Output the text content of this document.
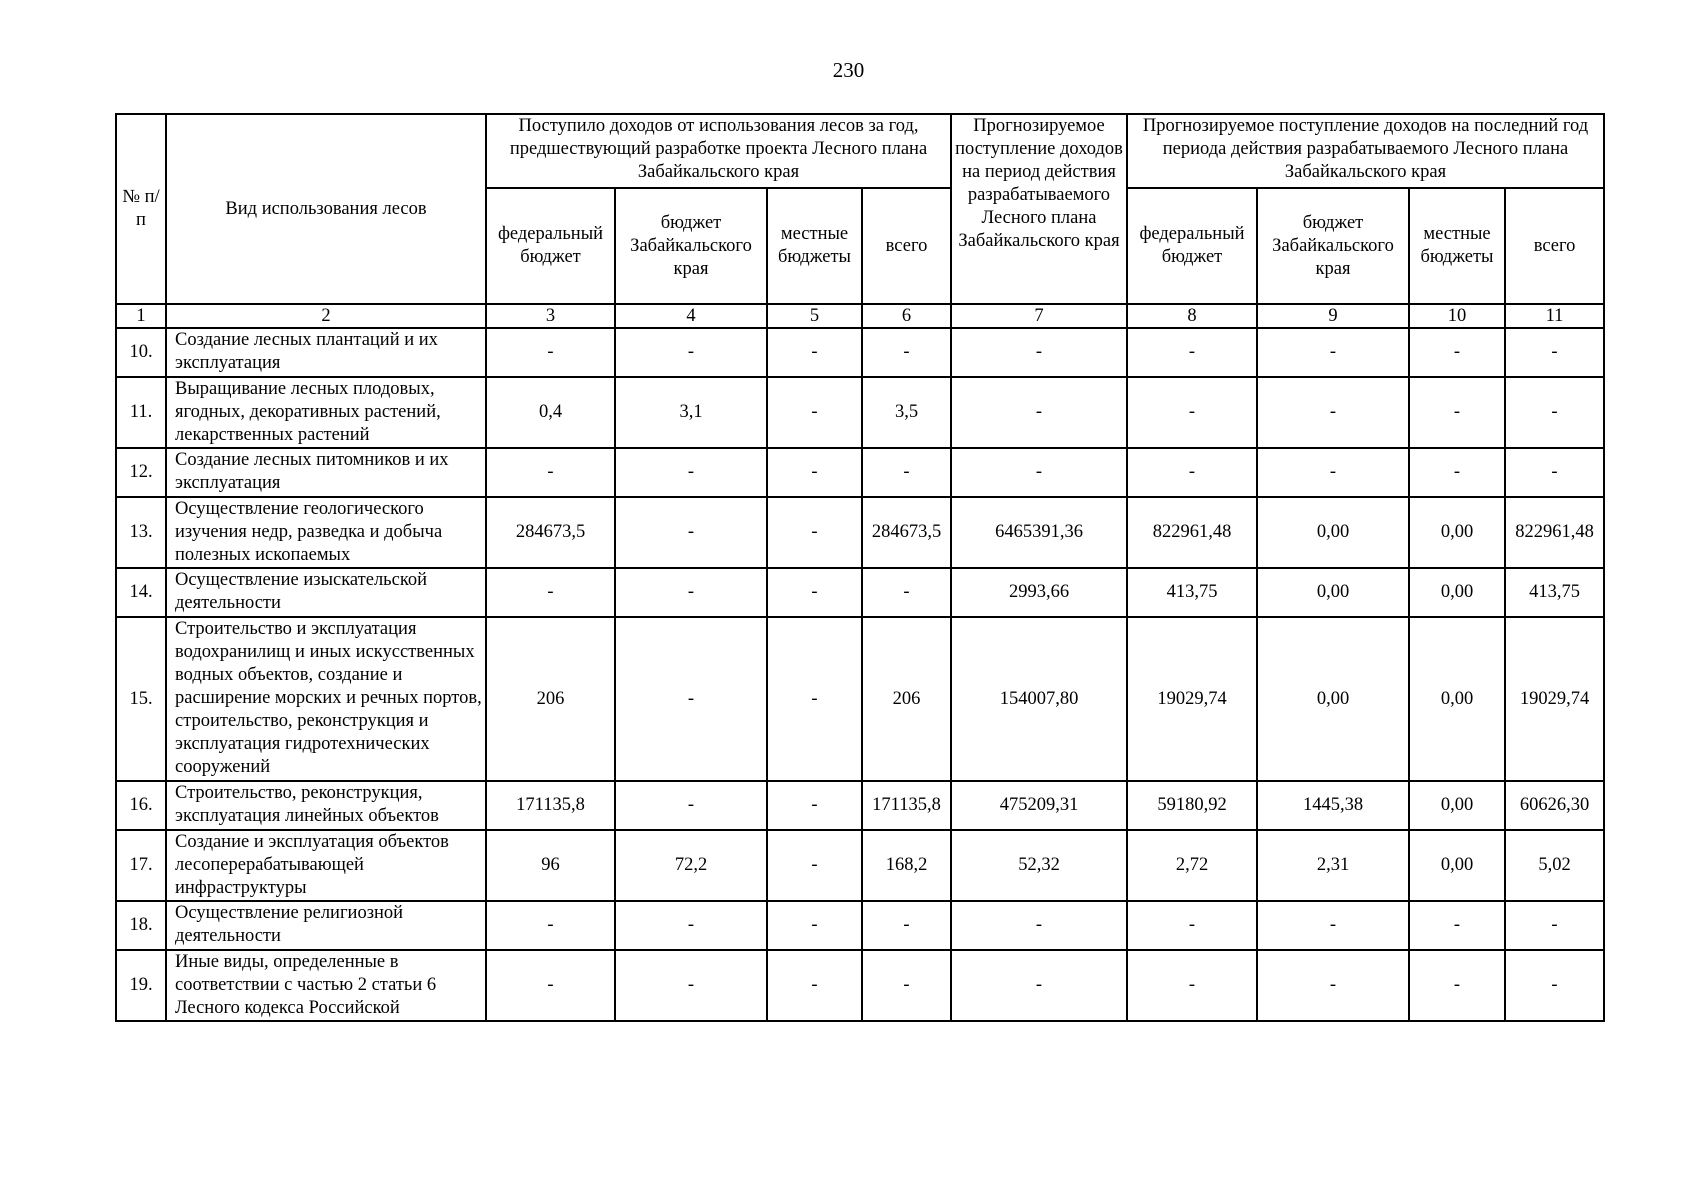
230
№ п/п	Вид использования лесов	Поступило доходов от использования лесов за год, предшествующий разработке проекта Лесного плана Забайкальского края				Прогнозируемое поступление доходов на период действия разрабатываемого Лесного плана Забайкальского края	Прогнозируемое поступление доходов на последний год периода действия разрабатываемого Лесного плана Забайкальского края			
		федеральный бюджет	бюджет Забайкальского края	местные бюджеты	всего		федеральный бюджет	бюджет Забайкальского края	местные бюджеты	всего
1	2	3	4	5	6	7	8	9	10	11
10.	Создание лесных плантаций и их эксплуатация	-	-	-	-	-	-	-	-	-
11.	Выращивание лесных плодовых, ягодных, декоративных растений, лекарственных растений	0,4	3,1	-	3,5	-	-	-	-	-
12.	Создание лесных питомников и их эксплуатация	-	-	-	-	-	-	-	-	-
13.	Осуществление геологического изучения недр, разведка и добыча полезных ископаемых	284673,5	-	-	284673,5	6465391,36	822961,48	0,00	0,00	822961,48
14.	Осуществление изыскательской деятельности	-	-	-	-	2993,66	413,75	0,00	0,00	413,75
15.	Строительство и эксплуатация водохранилищ и иных искусственных водных объектов, создание и расширение морских и речных портов, строительство, реконструкция и эксплуатация гидротехнических сооружений	206	-	-	206	154007,80	19029,74	0,00	0,00	19029,74
16.	Строительство, реконструкция, эксплуатация линейных объектов	171135,8	-	-	171135,8	475209,31	59180,92	1445,38	0,00	60626,30
17.	Создание и эксплуатация объектов лесоперерабатывающей инфраструктуры	96	72,2	-	168,2	52,32	2,72	2,31	0,00	5,02
18.	Осуществление религиозной деятельности	-	-	-	-	-	-	-	-	-
19.	Иные виды, определенные в соответствии с частью 2 статьи 6 Лесного кодекса Российской	-	-	-	-	-	-	-	-	-
